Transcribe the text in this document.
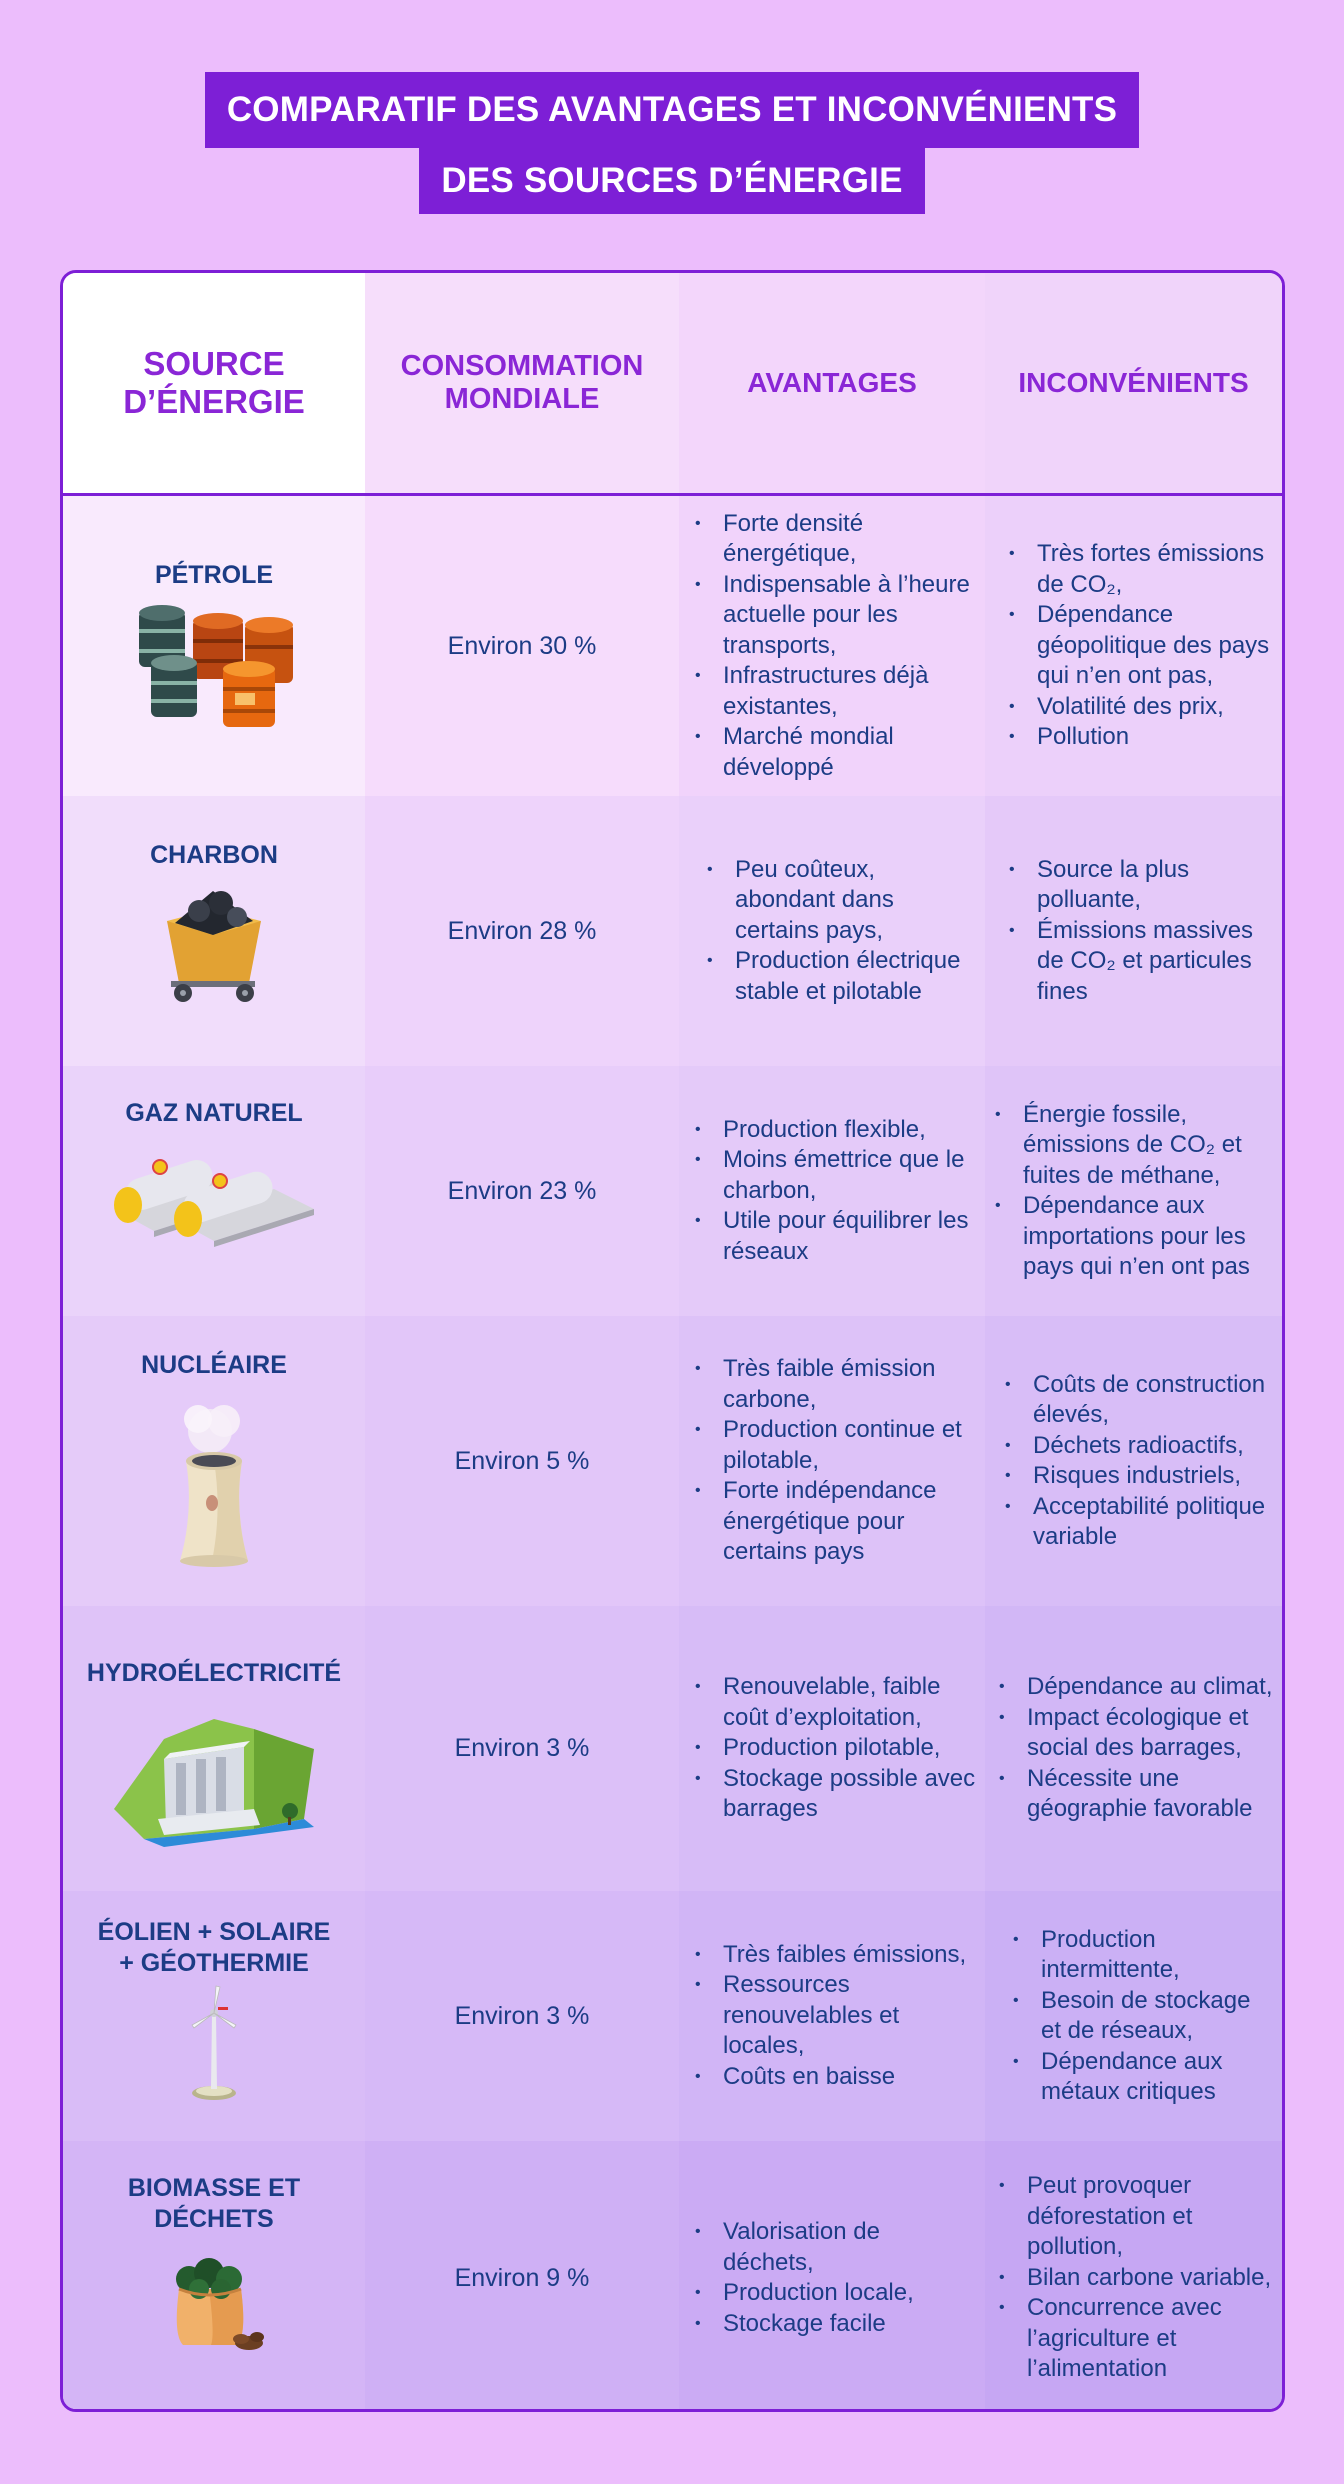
COMPARATIF DES AVANTAGES ET INCONVÉNIENTS
DES SOURCES D’ÉNERGIE
SOURCE D’ÉNERGIE
CONSOMMATION MONDIALE
AVANTAGES	INCONVÉNIENTS
PÉTROLE
Environ 30 %
• Forte densité énergétique,
• Indispensable à l’heure actuelle pour les transports,
• Infrastructures déjà existantes,
• Marché mondial développé
• Très fortes émissions de CO₂,
• Dépendance géopolitique des pays qui n’en ont pas,
• Volatilité des prix,
• Pollution
CHARBON
Environ 28 %
• Peu coûteux, abondant dans certains pays,
• Production électrique stable et pilotable
• Source la plus polluante,
• Émissions massives de CO₂ et particules fines
GAZ NATUREL
Environ 23 %
• Production flexible,
• Moins émettrice que le charbon,
• Utile pour équilibrer les réseaux
• Énergie fossile, émissions de CO₂ et fuites de méthane,
• Dépendance aux importations pour les pays qui n’en ont pas
NUCLÉAIRE
Environ 5 %
• Très faible émission carbone,
• Production continue et pilotable,
• Forte indépendance énergétique pour certains pays
• Coûts de construction élevés,
• Déchets radioactifs,
• Risques industriels,
• Acceptabilité politique variable
HYDROÉLECTRICITÉ
Environ 3 %
• Renouvelable, faible coût d’exploitation,
• Production pilotable,
• Stockage possible avec barrages
• Dépendance au climat,
• Impact écologique et social des barrages,
• Nécessite une géographie favorable
ÉOLIEN + SOLAIRE + GÉOTHERMIE
Environ 3 %
• Très faibles émissions,
• Ressources renouvelables et locales,
• Coûts en baisse
• Production intermittente,
• Besoin de stockage et de réseaux,
• Dépendance aux métaux critiques
BIOMASSE ET DÉCHETS
Environ 9 %
• Valorisation de déchets,
• Production locale,
• Stockage facile
• Peut provoquer déforestation et pollution,
• Bilan carbone variable,
• Concurrence avec l’agriculture et l’alimentation
